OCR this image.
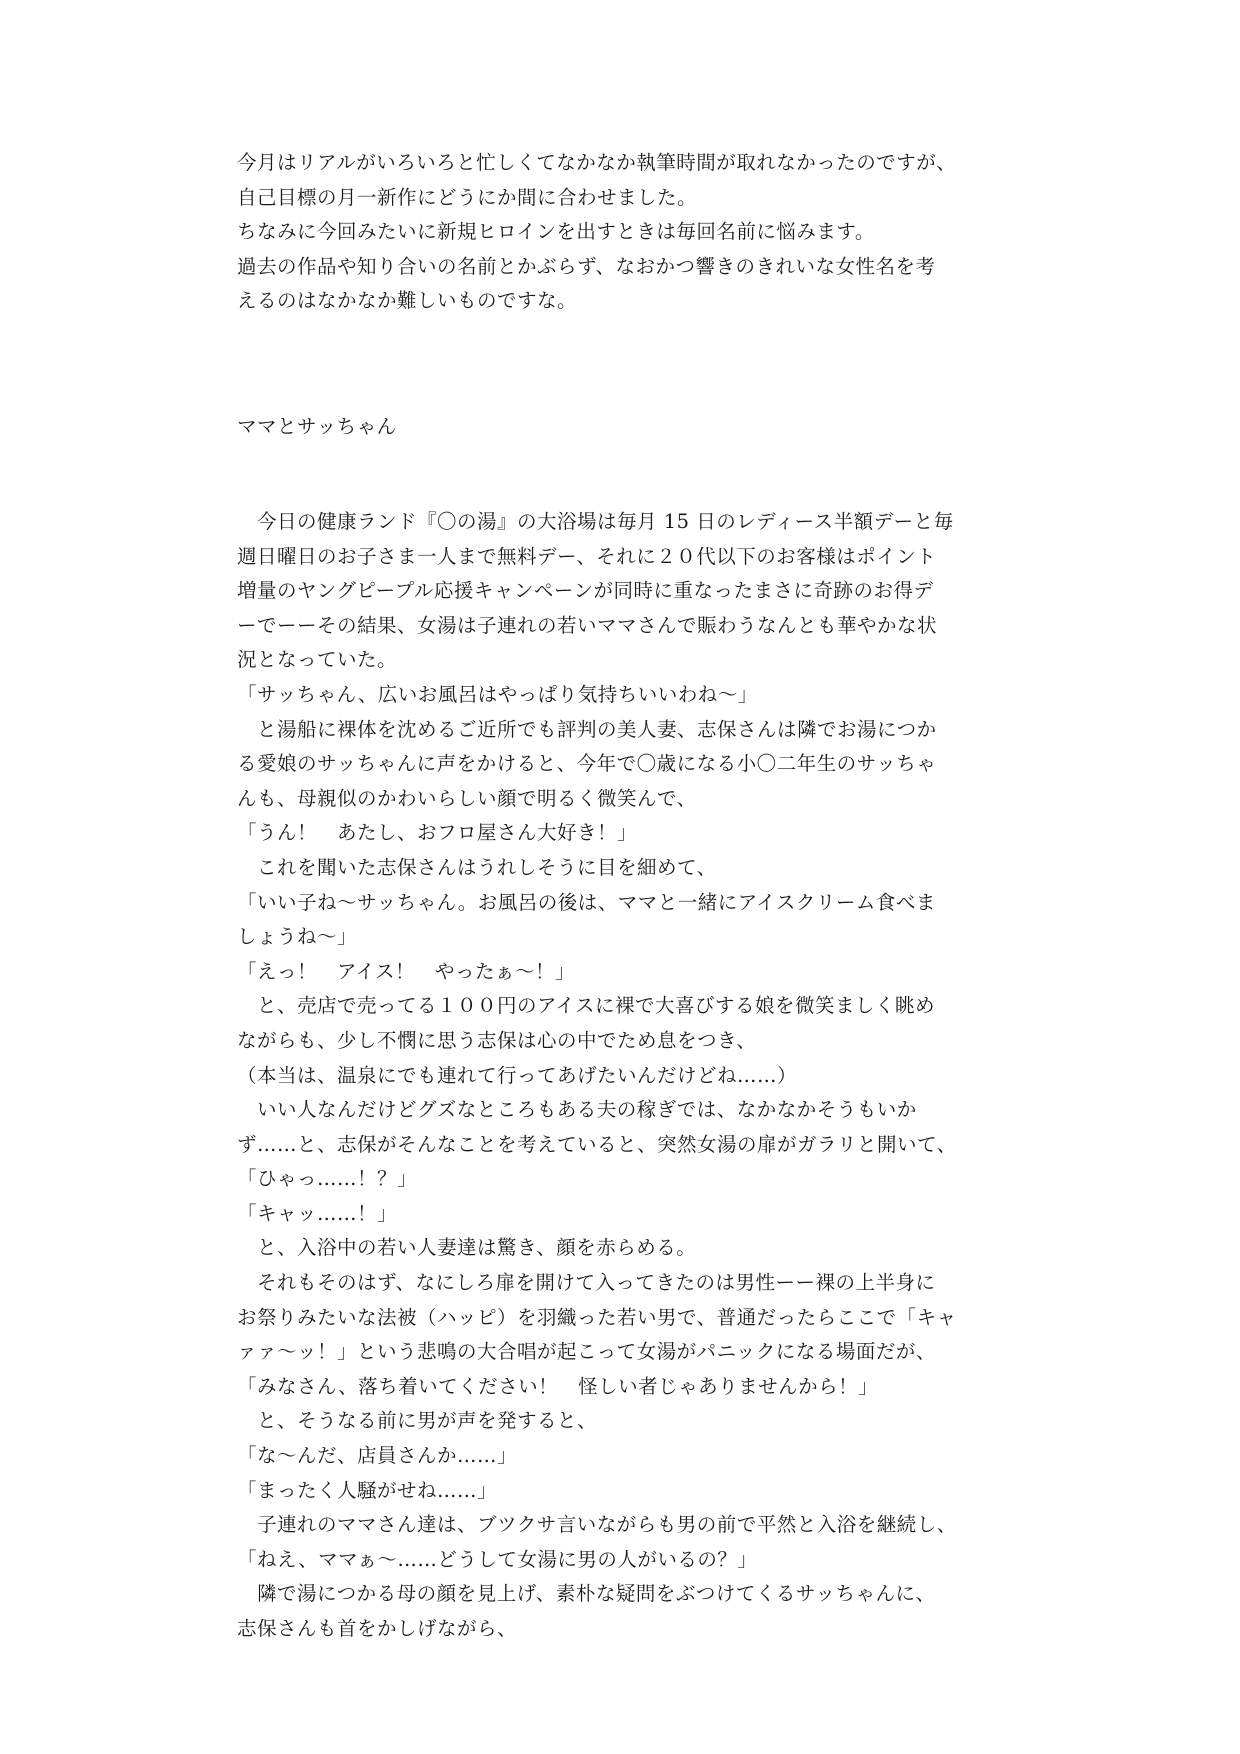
今月はリアルがいろいろと忙しくてなかなか執筆時間が取れなかったのですが、
自己目標の月一新作にどうにか間に合わせました。
ちなみに今回みたいに新規ヒロインを出すときは毎回名前に悩みます。
過去の作品や知り合いの名前とかぶらず、なおかつ響きのきれいな女性名を考
えるのはなかなか難しいものですな。
ママとサッちゃん
　今日の健康ランド『〇の湯』の大浴場は毎月 15 日のレディース半額デーと毎
週日曜日のお子さま一人まで無料デー、それに２０代以下のお客様はポイント
増量のヤングピープル応援キャンペーンが同時に重なったまさに奇跡のお得デ
ーでーーその結果、女湯は子連れの若いママさんで賑わうなんとも華やかな状
況となっていた。
「サッちゃん、広いお風呂はやっぱり気持ちいいわね～」
　と湯船に裸体を沈めるご近所でも評判の美人妻、志保さんは隣でお湯につか
る愛娘のサッちゃんに声をかけると、今年で〇歳になる小〇二年生のサッちゃ
んも、母親似のかわいらしい顔で明るく微笑んで、
「うん！　あたし、おフロ屋さん大好き！」
　これを聞いた志保さんはうれしそうに目を細めて、
「いい子ね～サッちゃん。お風呂の後は、ママと一緒にアイスクリーム食べま
しょうね～」
「えっ！　アイス！　やったぁ～！」
　と、売店で売ってる１００円のアイスに裸で大喜びする娘を微笑ましく眺め
ながらも、少し不憫に思う志保は心の中でため息をつき、
（本当は、温泉にでも連れて行ってあげたいんだけどね……）
　いい人なんだけどグズなところもある夫の稼ぎでは、なかなかそうもいか
ず……と、志保がそんなことを考えていると、突然女湯の扉がガラリと開いて、
「ひゃっ……！？」
「キャッ……！」
　と、入浴中の若い人妻達は驚き、顔を赤らめる。
　それもそのはず、なにしろ扉を開けて入ってきたのは男性ーー裸の上半身に
お祭りみたいな法被（ハッピ）を羽織った若い男で、普通だったらここで「キャ
ァァ～ッ！」という悲鳴の大合唱が起こって女湯がパニックになる場面だが、
「みなさん、落ち着いてください！　怪しい者じゃありませんから！」
　と、そうなる前に男が声を発すると、
「な～んだ、店員さんか……」
「まったく人騒がせね……」
　子連れのママさん達は、ブツクサ言いながらも男の前で平然と入浴を継続し、
「ねえ、ママぁ～……どうして女湯に男の人がいるの？」
　隣で湯につかる母の顔を見上げ、素朴な疑問をぶつけてくるサッちゃんに、
志保さんも首をかしげながら、
